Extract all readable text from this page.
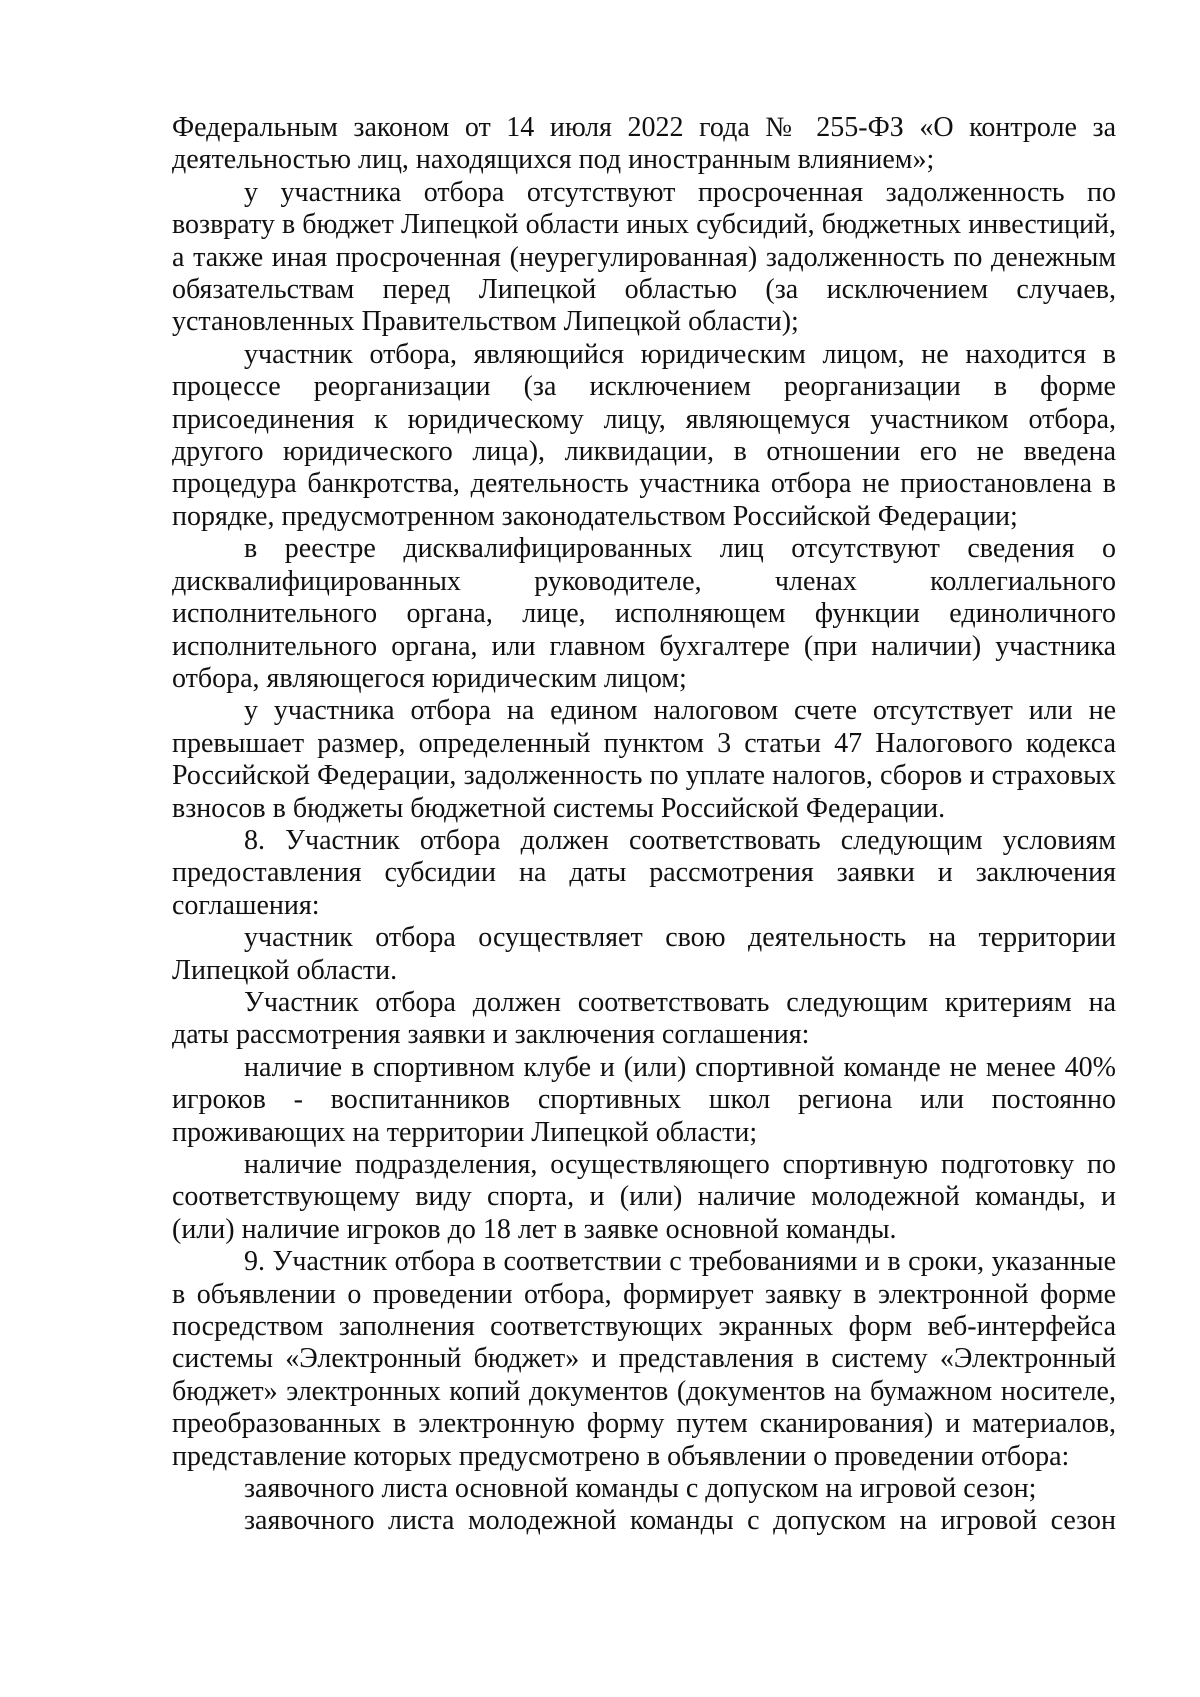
Федеральным законом от 14 июля 2022 года № 255-ФЗ «О контроле за деятельностью лиц, находящихся под иностранным влиянием»;

у участника отбора отсутствуют просроченная задолженность по возврату в бюджет Липецкой области иных субсидий, бюджетных инвестиций, а также иная просроченная (неурегулированная) задолженность по денежным обязательствам перед Липецкой областью (за исключением случаев, установленных Правительством Липецкой области);

участник отбора, являющийся юридическим лицом, не находится в процессе реорганизации (за исключением реорганизации в форме присоединения к юридическому лицу, являющемуся участником отбора, другого юридического лица), ликвидации, в отношении его не введена процедура банкротства, деятельность участника отбора не приостановлена в порядке, предусмотренном законодательством Российской Федерации;

в реестре дисквалифицированных лиц отсутствуют сведения о дисквалифицированных руководителе, членах коллегиального исполнительного органа, лице, исполняющем функции единоличного исполнительного органа, или главном бухгалтере (при наличии) участника отбора, являющегося юридическим лицом;

у участника отбора на едином налоговом счете отсутствует или не превышает размер, определенный пунктом 3 статьи 47 Налогового кодекса Российской Федерации, задолженность по уплате налогов, сборов и страховых взносов в бюджеты бюджетной системы Российской Федерации.

8. Участник отбора должен соответствовать следующим условиям предоставления субсидии на даты рассмотрения заявки и заключения соглашения:

участник отбора осуществляет свою деятельность на территории Липецкой области.

Участник отбора должен соответствовать следующим критериям на даты рассмотрения заявки и заключения соглашения:

наличие в спортивном клубе и (или) спортивной команде не менее 40% игроков - воспитанников спортивных школ региона или постоянно проживающих на территории Липецкой области;

наличие подразделения, осуществляющего спортивную подготовку по соответствующему виду спорта, и (или) наличие молодежной команды, и (или) наличие игроков до 18 лет в заявке основной команды.

9. Участник отбора в соответствии с требованиями и в сроки, указанные в объявлении о проведении отбора, формирует заявку в электронной форме посредством заполнения соответствующих экранных форм веб-интерфейса системы «Электронный бюджет» и представления в систему «Электронный бюджет» электронных копий документов (документов на бумажном носителе, преобразованных в электронную форму путем сканирования) и материалов, представление которых предусмотрено в объявлении о проведении отбора:

заявочного листа основной команды с допуском на игровой сезон;

заявочного листа молодежной команды с допуском на игровой сезон
